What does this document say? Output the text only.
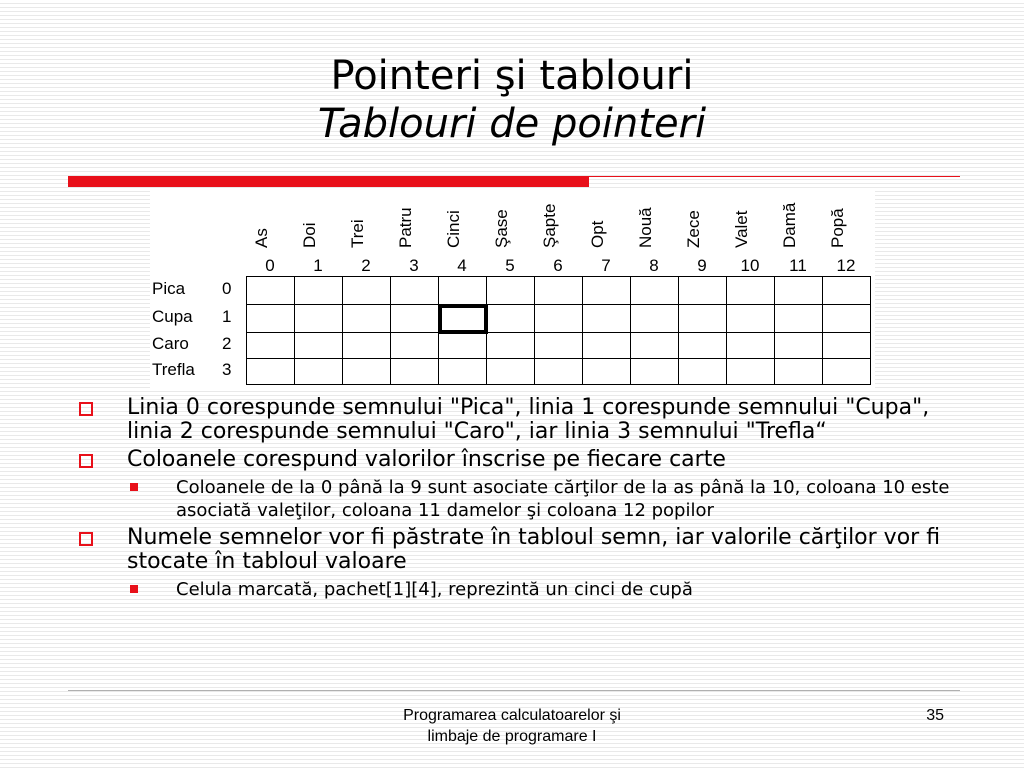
Pointeri şi tablouri
Tablouri de pointeri

As Doi Trei Patru Cinci Şase Şapte Opt Nouă Zece Valet Damă Popă
0	1	2	3	4	5	6	7	8	9	10	11	12
Pica 0
Cupa 1
Caro 2
Trefla 3
Linia 0 corespunde semnului "Pica", linia 1 corespunde semnului "Cupa", linia 2 corespunde semnului "Caro", iar linia 3 semnului "Trefla“
Coloanele corespund valorilor înscrise pe fiecare carte
Coloanele de la 0 până la 9 sunt asociate cărţilor de la as până la 10, coloana 10 este asociată valeţilor, coloana 11 damelor şi coloana 12 popilor
Numele semnelor vor fi păstrate în tabloul semn, iar valorile cărţilor vor fi stocate în tabloul valoare
Celula marcată, pachet[1][4], reprezintă un cinci de cupă
Programarea calculatoarelor şi
limbaje de programare I
35
